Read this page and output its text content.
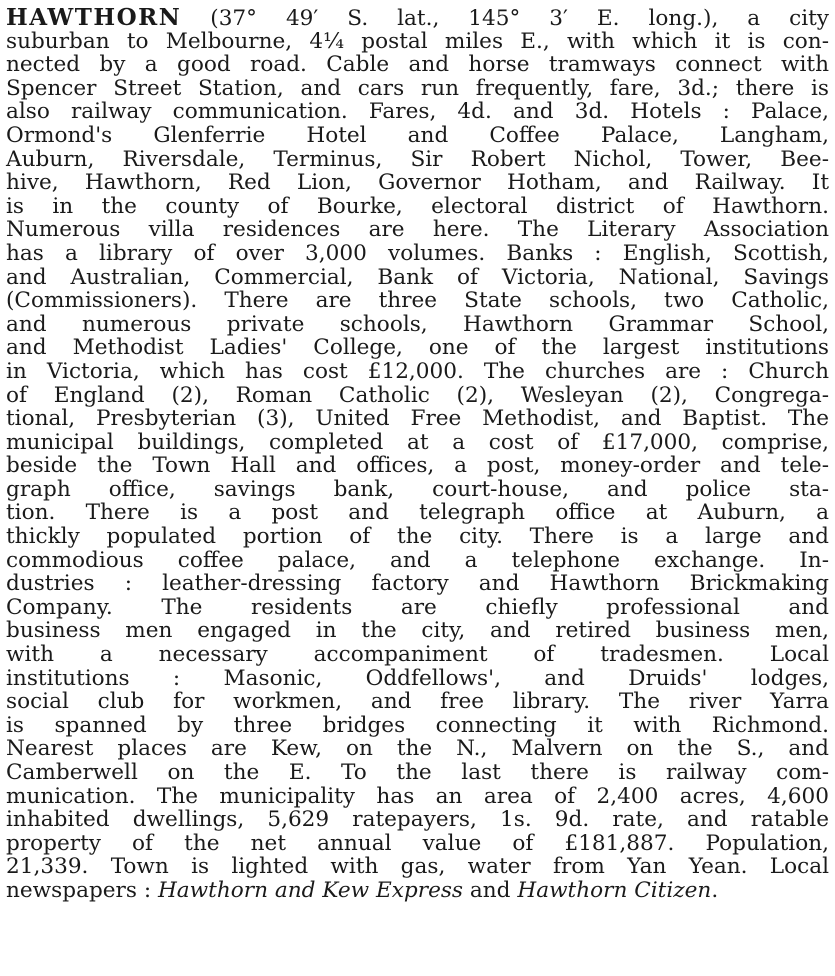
HAWTHORN (37° 49′ S. lat., 145° 3′ E. long.), a city
suburban to Melbourne, 4¼ postal miles E., with which it is con-
nected by a good road. Cable and horse tramways connect with
Spencer Street Station, and cars run frequently, fare, 3d.; there is
also railway communication. Fares, 4d. and 3d. Hotels : Palace,
Ormond's Glenferrie Hotel and Coffee Palace, Langham,
Auburn, Riversdale, Terminus, Sir Robert Nichol, Tower, Bee-
hive, Hawthorn, Red Lion, Governor Hotham, and Railway. It
is in the county of Bourke, electoral district of Hawthorn.
Numerous villa residences are here. The Literary Association
has a library of over 3,000 volumes. Banks : English, Scottish,
and Australian, Commercial, Bank of Victoria, National, Savings
(Commissioners). There are three State schools, two Catholic,
and numerous private schools, Hawthorn Grammar School,
and Methodist Ladies' College, one of the largest institutions
in Victoria, which has cost £12,000. The churches are : Church
of England (2), Roman Catholic (2), Wesleyan (2), Congrega-
tional, Presbyterian (3), United Free Methodist, and Baptist. The
municipal buildings, completed at a cost of £17,000, comprise,
beside the Town Hall and offices, a post, money-order and tele-
graph office, savings bank, court-house, and police sta-
tion. There is a post and telegraph office at Auburn, a
thickly populated portion of the city. There is a large and
commodious coffee palace, and a telephone exchange. In-
dustries : leather-dressing factory and Hawthorn Brickmaking
Company. The residents are chiefly professional and
business men engaged in the city, and retired business men,
with a necessary accompaniment of tradesmen. Local
institutions : Masonic, Oddfellows', and Druids' lodges,
social club for workmen, and free library. The river Yarra
is spanned by three bridges connecting it with Richmond.
Nearest places are Kew, on the N., Malvern on the S., and
Camberwell on the E. To the last there is railway com-
munication. The municipality has an area of 2,400 acres, 4,600
inhabited dwellings, 5,629 ratepayers, 1s. 9d. rate, and ratable
property of the net annual value of £181,887. Population,
21,339. Town is lighted with gas, water from Yan Yean. Local
newspapers : Hawthorn and Kew Express and Hawthorn Citizen.
